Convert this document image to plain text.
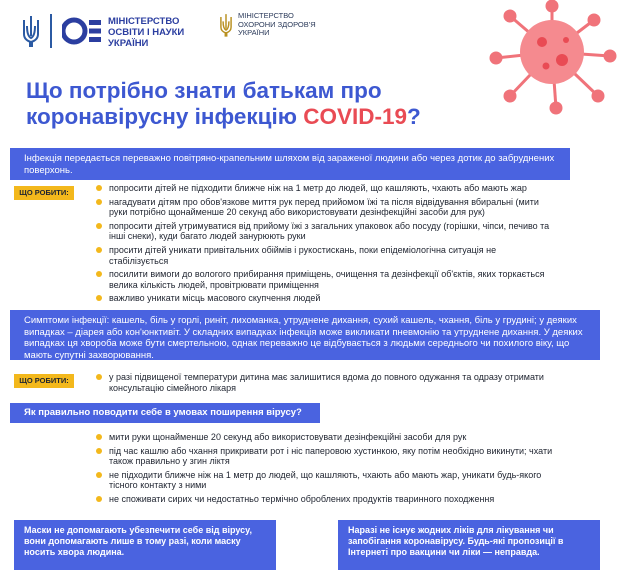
МІНІСТЕРСТВО ОСВІТИ І НАУКИ УКРАЇНИ
МІНІСТЕРСТВО ОХОРОНИ ЗДОРОВ'Я УКРАЇНИ
Що потрібно знати батькам про
коронавірусну інфекцію COVID-19?
Інфекція передається переважно повітряно-крапельним шляхом від зараженої людини або через дотик до забруднених поверхонь.
ЩО РОБИТИ:	попросити дітей не підходити ближче ніж на 1 метр до людей, що кашляють, чхають або мають жар
нагадувати дітям про обов'язкове миття рук перед прийомом їжі та після відвідування вбиральні (мити руки потрібно щонайменше 20 секунд або використовувати дезінфекційні засоби для рук)
попросити дітей утримуватися від прийому їжі з загальних упаковок або посуду (горішки, чіпси, печиво та інші снеки), куди багато людей занурюють руки
просити дітей уникати привітальних обіймів і рукостискань, поки епідеміологічна ситуація не стабілізується
посилити вимоги до вологого прибирання приміщень, очищення та дезінфекції об'єктів, яких торкається велика кількість людей, провітрювати приміщення
важливо уникати місць масового скупчення людей
Симптоми інфекції: кашель, біль у горлі, риніт, лихоманка, утруднене дихання, сухий кашель, чхання, біль у грудині; у деяких випадках – діарея або кон'юнктивіт. У складних випадках інфекція може викликати пневмонію та утруднене дихання. У деяких випадках ця хвороба може бути смертельною, однак переважно це відбувається з людьми середнього чи похилого віку, що мають супутні захворювання.
ЩО РОБИТИ:	у разі підвищеної температури дитина має залишитися вдома до повного одужання та одразу отримати консультацію сімейного лікаря
Як правильно поводити себе в умовах поширення вірусу?
мити руки щонайменше 20 секунд або використовувати дезінфекційні засоби для рук
під час кашлю або чхання прикривати рот і ніс паперовою хустинкою, яку потім необхідно викинути; чхати також правильно у згин ліктя
не підходити ближче ніж на 1 метр до людей, що кашляють, чхають або мають жар, уникати будь-якого тісного контакту з ними
не споживати сирих чи недостатньо термічно оброблених продуктів тваринного походження
Маски не допомагають убезпечити себе від вірусу, вони допомагають лише в тому разі, коли маску носить хвора людина.
Наразі не існує жодних ліків для лікування чи запобігання коронавірусу. Будь-які пропозиції в Інтернеті про вакцини чи ліки — неправда.
